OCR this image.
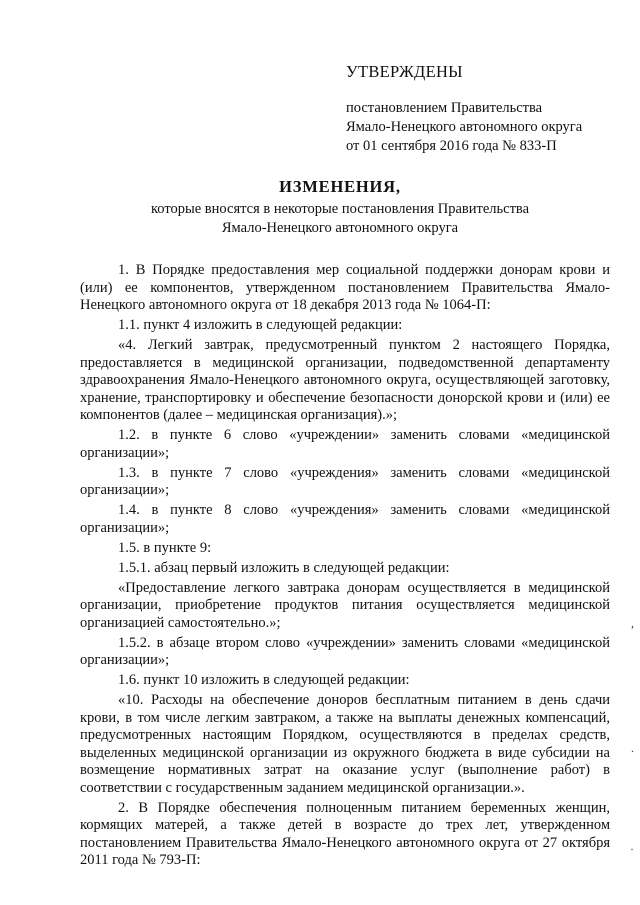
УТВЕРЖДЕНЫ
постановлением Правительства
Ямало-Ненецкого автономного округа
от 01 сентября 2016 года № 833-П
ИЗМЕНЕНИЯ,
которые вносятся в некоторые постановления Правительства
Ямало-Ненецкого автономного округа

1. В Порядке предоставления мер социальной поддержки донорам крови и (или) ее компонентов, утвержденном постановлением Правительства Ямало-Ненецкого автономного округа от 18 декабря 2013 года № 1064-П:

1.1. пункт 4 изложить в следующей редакции:

«4. Легкий завтрак, предусмотренный пунктом 2 настоящего Порядка, предоставляется в медицинской организации, подведомственной департаменту здравоохранения Ямало-Ненецкого автономного округа, осуществляющей заготовку, хранение, транспортировку и обеспечение безопасности донорской крови и (или) ее компонентов (далее – медицинская организация).»;

1.2. в пункте 6 слово «учреждении» заменить словами «медицинской организации»;

1.3. в пункте 7 слово «учреждения» заменить словами «медицинской организации»;

1.4. в пункте 8 слово «учреждения» заменить словами «медицинской организации»;

1.5. в пункте 9:

1.5.1. абзац первый изложить в следующей редакции:

«Предоставление легкого завтрака донорам осуществляется в медицинской организации, приобретение продуктов питания осуществляется медицинской организацией самостоятельно.»;

1.5.2. в абзаце втором слово «учреждении» заменить словами «медицинской организации»;

1.6. пункт 10 изложить в следующей редакции:

«10. Расходы на обеспечение доноров бесплатным питанием в день сдачи крови, в том числе легким завтраком, а также на выплаты денежных компенсаций, предусмотренных настоящим Порядком, осуществляются в пределах средств, выделенных медицинской организации из окружного бюджета в виде субсидии на возмещение нормативных затрат на оказание услуг (выполнение работ) в соответствии с государственным заданием медицинской организации.».

2. В Порядке обеспечения полноценным питанием беременных женщин, кормящих матерей, а также детей в возрасте до трех лет, утвержденном постановлением Правительства Ямало-Ненецкого автономного округа от 27 октября 2011 года № 793-П:

,
.
·
